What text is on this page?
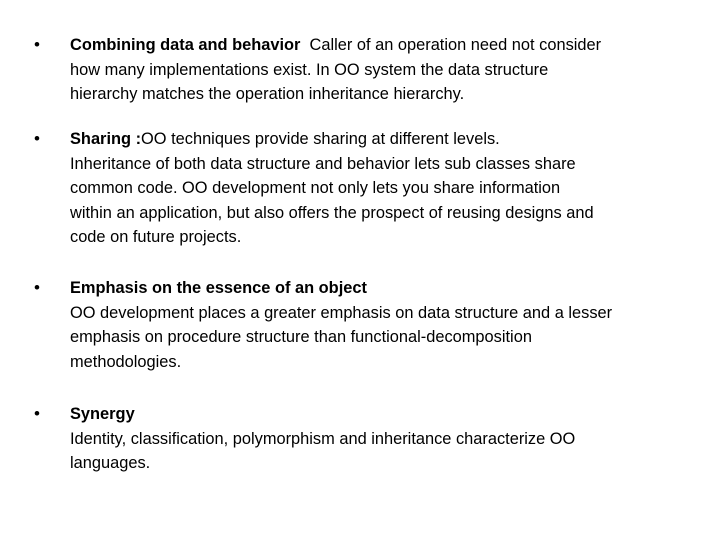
• Combining data and behavior  Caller of an operation need not consider
how many implementations exist. In OO system the data structure
hierarchy matches the operation inheritance hierarchy.
• Sharing :OO techniques provide sharing at different levels.
Inheritance of both data structure and behavior lets sub classes share
common code. OO development not only lets you share information
within an application, but also offers the prospect of reusing designs and
code on future projects.
• Emphasis on the essence of an object
OO development places a greater emphasis on data structure and a lesser
emphasis on procedure structure than functional-decomposition
methodologies.
• Synergy
Identity, classification, polymorphism and inheritance characterize OO
languages.
